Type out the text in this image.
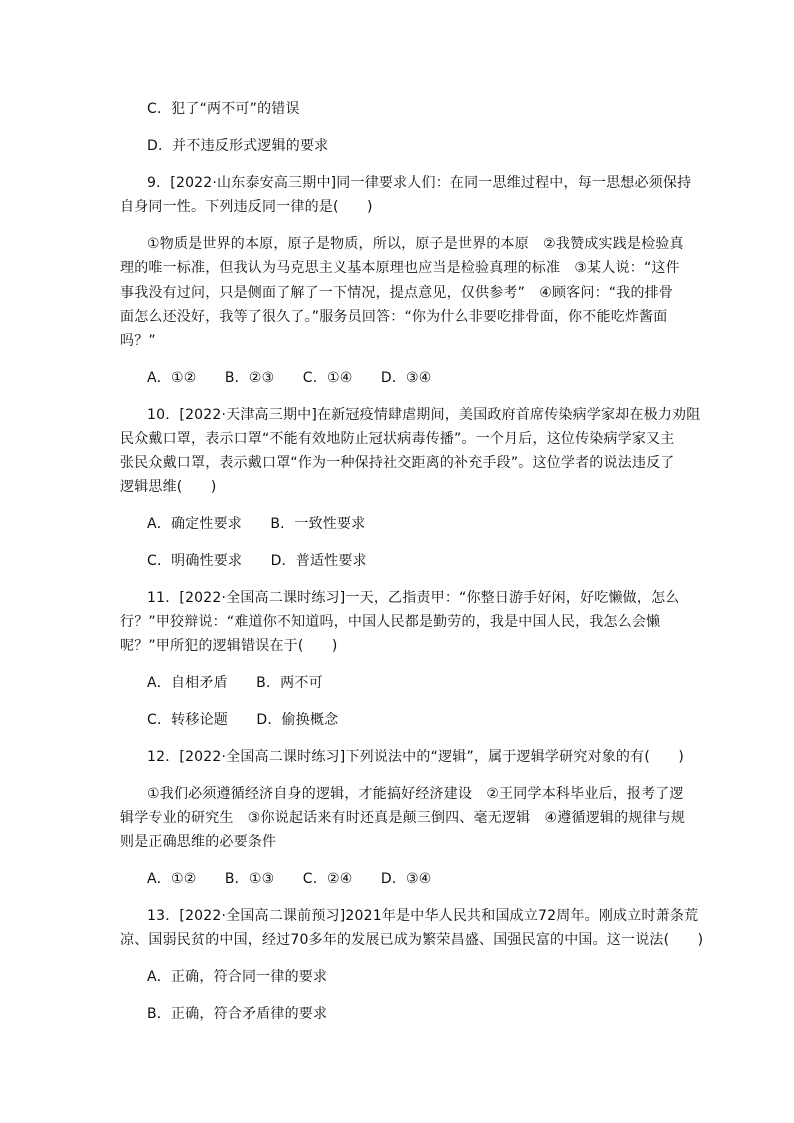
C．犯了“两不可”的错误
D．并不违反形式逻辑的要求
9．[2022·山东泰安高三期中]同一律要求人们：在同一思维过程中，每一思想必须保持
自身同一性。下列违反同一律的是(　　)
①物质是世界的本原，原子是物质，所以，原子是世界的本原　②我赞成实践是检验真
理的唯一标准，但我认为马克思主义基本原理也应当是检验真理的标准　③某人说：“这件
事我没有过问，只是侧面了解了一下情况，提点意见，仅供参考”　④顾客问：“我的排骨
面怎么还没好，我等了很久了。”服务员回答：“你为什么非要吃排骨面，你不能吃炸酱面
吗？”
A．①②　　B．②③　　C．①④　　D．③④
10．[2022·天津高三期中]在新冠疫情肆虐期间，美国政府首席传染病学家却在极力劝阻
民众戴口罩，表示口罩“不能有效地防止冠状病毒传播”。一个月后，这位传染病学家又主
张民众戴口罩，表示戴口罩“作为一种保持社交距离的补充手段”。这位学者的说法违反了
逻辑思维(　　)
A．确定性要求　　B．一致性要求
C．明确性要求　　D．普适性要求
11．[2022·全国高二课时练习]一天，乙指责甲：“你整日游手好闲，好吃懒做，怎么
行？”甲狡辩说：“难道你不知道吗，中国人民都是勤劳的，我是中国人民，我怎么会懒
呢？”甲所犯的逻辑错误在于(　　)
A．自相矛盾　　B．两不可
C．转移论题　　D．偷换概念
12．[2022·全国高二课时练习]下列说法中的“逻辑”，属于逻辑学研究对象的有(　　)
①我们必须遵循经济自身的逻辑，才能搞好经济建设　②王同学本科毕业后，报考了逻
辑学专业的研究生　③你说起话来有时还真是颠三倒四、毫无逻辑　④遵循逻辑的规律与规
则是正确思维的必要条件
A．①②　　B．①③　　C．②④　　D．③④
13．[2022·全国高二课前预习]2021年是中华人民共和国成立72周年。刚成立时萧条荒
凉、国弱民贫的中国，经过70多年的发展已成为繁荣昌盛、国强民富的中国。这一说法(　　)
A．正确，符合同一律的要求
B．正确，符合矛盾律的要求
